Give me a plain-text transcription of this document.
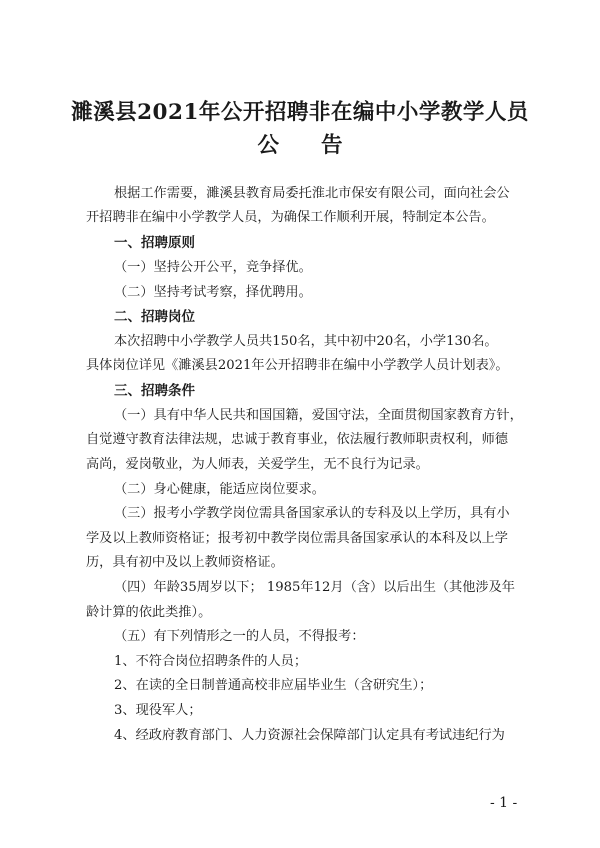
濉溪县2021年公开招聘非在编中小学教学人员
公告
根据工作需要，濉溪县教育局委托淮北市保安有限公司，面向社会公
开招聘非在编中小学教学人员，为确保工作顺利开展，特制定本公告。
一、招聘原则
（一）坚持公开公平，竞争择优。
（二）坚持考试考察，择优聘用。
二、招聘岗位
本次招聘中小学教学人员共150名，其中初中20名，小学130名。
具体岗位详见《濉溪县2021年公开招聘非在编中小学教学人员计划表》。
三、招聘条件
（一）具有中华人民共和国国籍，爱国守法，全面贯彻国家教育方针，
自觉遵守教育法律法规，忠诚于教育事业，依法履行教师职责权利，师德
高尚，爱岗敬业，为人师表，关爱学生，无不良行为记录。
（二）身心健康，能适应岗位要求。
（三）报考小学教学岗位需具备国家承认的专科及以上学历，具有小
学及以上教师资格证；报考初中教学岗位需具备国家承认的本科及以上学
历，具有初中及以上教师资格证。
（四）年龄35周岁以下； 1985年12月（含）以后出生（其他涉及年
龄计算的依此类推）。
（五）有下列情形之一的人员，不得报考：
1、不符合岗位招聘条件的人员；
2、在读的全日制普通高校非应届毕业生（含研究生）；
3、现役军人；
4、经政府教育部门、人力资源社会保障部门认定具有考试违纪行为
- 1 -
